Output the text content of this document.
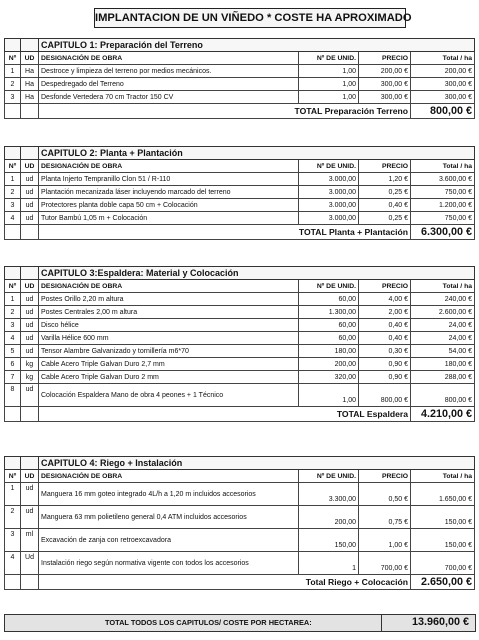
IMPLANTACION DE UN VIÑEDO * COSTE HA APROXIMADO
		CAPITULO 1: Preparación del Terreno			
Nº	UD	DESIGNACIÓN DE OBRA	Nº DE UNID.	PRECIO	Total / ha
1	Ha	Destroce y limpieza del terreno por medios mecánicos.	1,00	200,00 €	200,00 €
2	Ha	Despedregado del Terreno	1,00	300,00 €	300,00 €
3	Ha	Desfonde Vertedera 70 cm Tractor 150 CV	1,00	300,00 €	300,00 €
		TOTAL Preparación Terreno			800,00 €
		CAPITULO 2: Planta + Plantación			
Nº	UD	DESIGNACIÓN DE OBRA	Nº DE UNID.	PRECIO	Total / ha
1	ud	Planta Injerto Tempranillo Clon 51 / R-110	3.000,00	1,20 €	3.600,00 €
2	ud	Plantación mecanizada láser incluyendo marcado del terreno	3.000,00	0,25 €	750,00 €
3	ud	Protectores planta doble capa 50 cm + Colocación	3.000,00	0,40 €	1.200,00 €
4	ud	Tutor Bambú 1,05 m + Colocación	3.000,00	0,25 €	750,00 €
		TOTAL Planta + Plantación			6.300,00 €
		CAPITULO 3:Espaldera: Material y Colocación			
Nº	UD	DESIGNACIÓN DE OBRA	Nº DE UNID.	PRECIO	Total / ha
1	ud	Postes Orillo 2,20 m altura	60,00	4,00 €	240,00 €
2	ud	Postes Centrales 2,00 m altura	1.300,00	2,00 €	2.600,00 €
3	ud	Disco hélice	60,00	0,40 €	24,00 €
4	ud	Varilla Hélice 600 mm	60,00	0,40 €	24,00 €
5	ud	Tensor Alambre Galvanizado y tornillería m6*70	180,00	0,30 €	54,00 €
6	kg	Cable Acero Triple Galvan Duro 2,7 mm	200,00	0,90 €	180,00 €
7	kg	Cable Acero Triple Galvan Duro 2 mm	320,00	0,90 €	288,00 €
8	ud	Colocación Espaldera Mano de obra 4 peones + 1 Técnico	1,00	800,00 €	800,00 €
		TOTAL Espaldera			4.210,00 €
		CAPITULO 4: Riego + Instalación			
Nº	UD	DESIGNACIÓN DE OBRA	Nº DE UNID.	PRECIO	Total / ha
1	ud	Manguera 16 mm goteo integrado 4L/h a 1,20 m incluidos accesorios	3.300,00	0,50 €	1.650,00 €
2	ud	Manguera 63 mm polietileno general 0,4 ATM incluidos accesorios	200,00	0,75 €	150,00 €
3	ml	Excavación de zanja con retroexcavadora	150,00	1,00 €	150,00 €
4	Ud	Instalación riego según normativa vigente con todos los accesorios	1	700,00 €	700,00 €
		Total Riego + Colocación			2.650,00 €
TOTAL TODOS LOS CAPITULOS/ COSTE POR HECTAREA:	13.960,00 €
